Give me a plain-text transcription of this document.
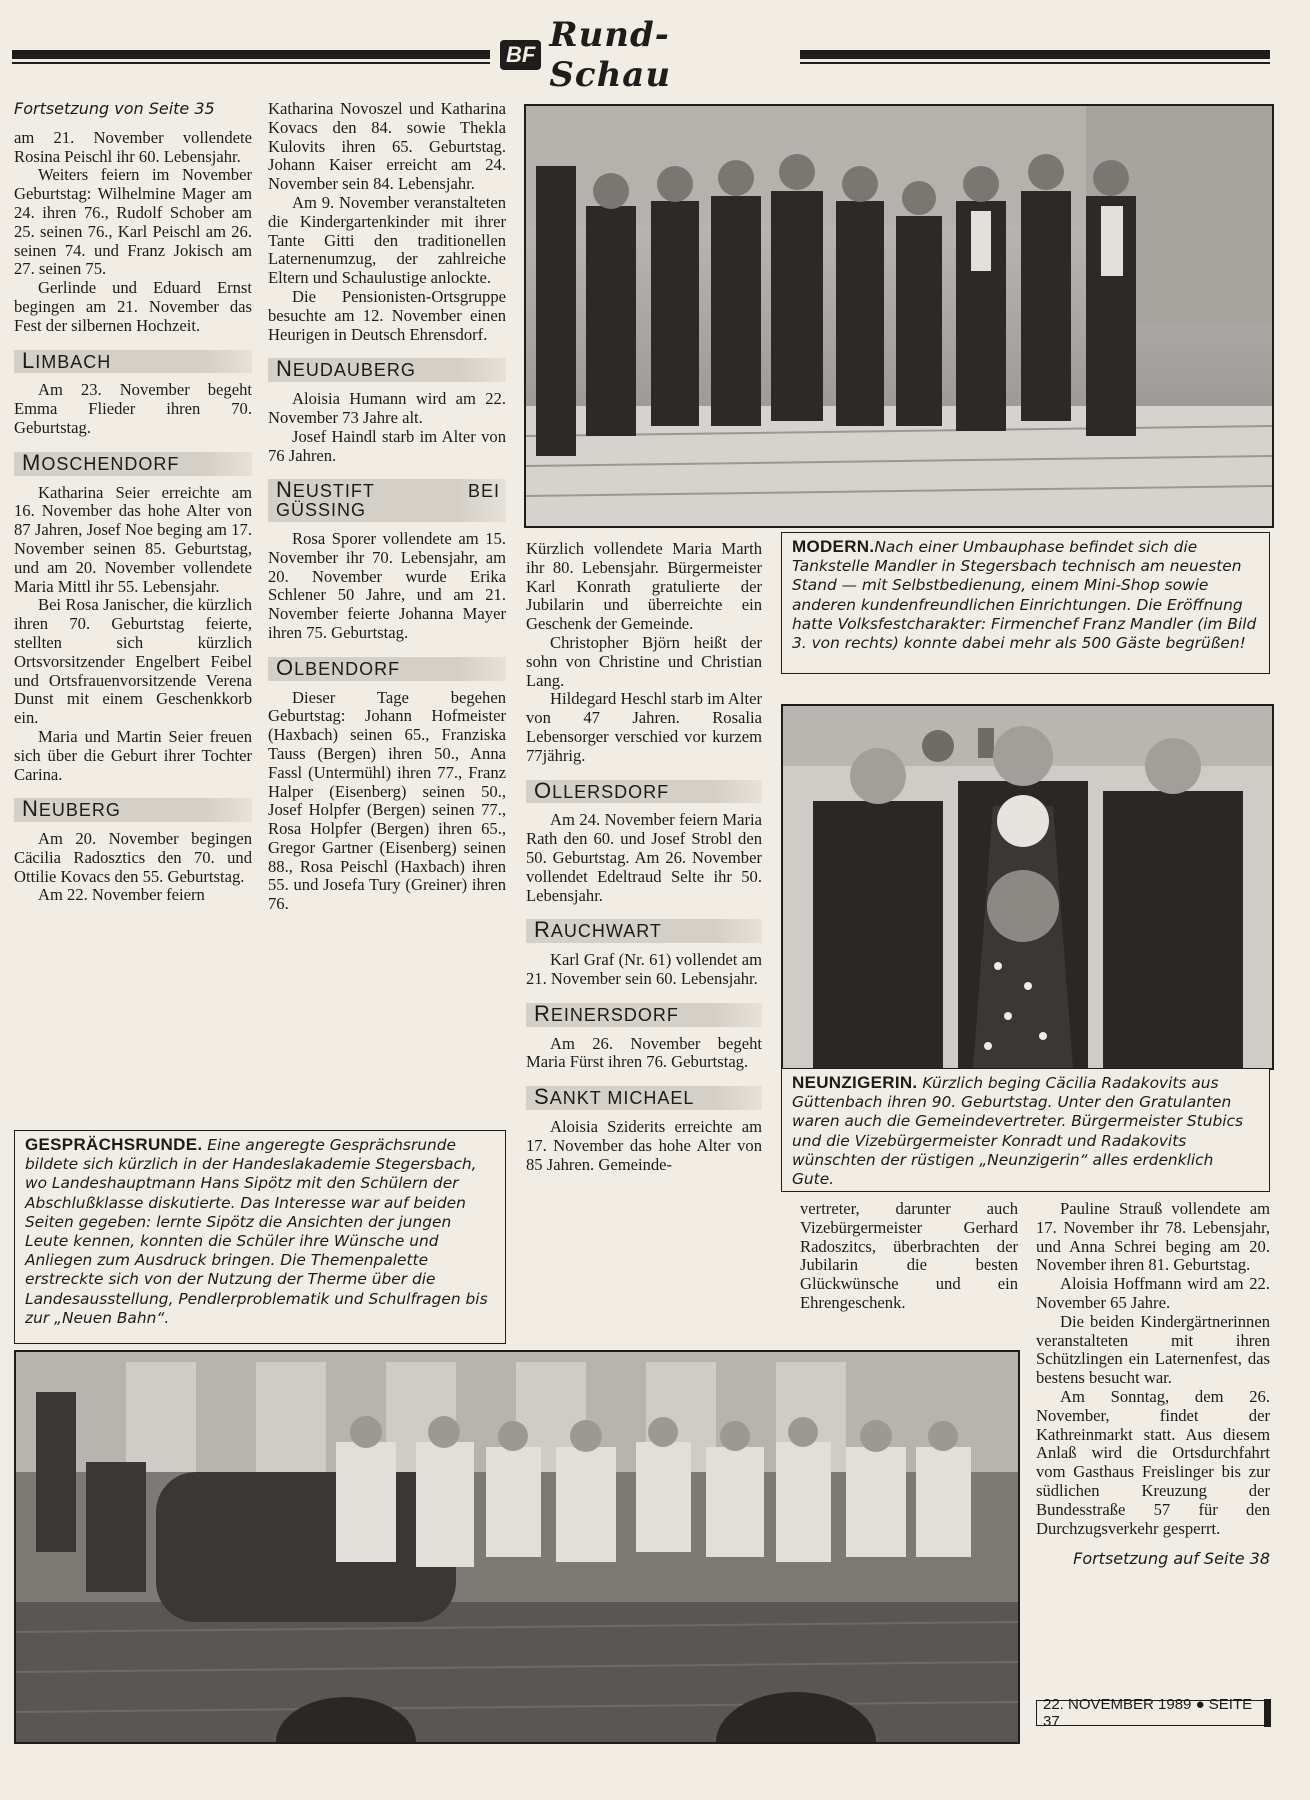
BF Rund-Schau

Fortsetzung von Seite 35

am 21. November vollendete Rosina Peischl ihr 60. Lebensjahr.

Weiters feiern im November Geburtstag: Wilhelmine Mager am 24. ihren 76., Rudolf Schober am 25. seinen 76., Karl Peischl am 26. seinen 74. und Franz Jokisch am 27. seinen 75.

Gerlinde und Eduard Ernst begingen am 21. November das Fest der silbernen Hochzeit.

LIMBACH

Am 23. November begeht Emma Flieder ihren 70. Geburtstag.

MOSCHENDORF

Katharina Seier erreichte am 16. November das hohe Alter von 87 Jahren, Josef Noe beging am 17. November seinen 85. Geburtstag, und am 20. November vollendete Maria Mittl ihr 55. Lebensjahr.

Bei Rosa Janischer, die kürzlich ihren 70. Geburtstag feierte, stellten sich kürzlich Ortsvorsitzender Engelbert Feibel und Ortsfrauenvorsitzende Verena Dunst mit einem Geschenkkorb ein.

Maria und Martin Seier freuen sich über die Geburt ihrer Tochter Carina.

NEUBERG

Am 20. November begingen Cäcilia Radosztics den 70. und Ottilie Kovacs den 55. Geburtstag.

Am 22. November feiern

Katharina Novoszel und Katharina Kovacs den 84. sowie Thekla Kulovits ihren 65. Geburtstag. Johann Kaiser erreicht am 24. November sein 84. Lebensjahr.

Am 9. November veranstalteten die Kindergartenkinder mit ihrer Tante Gitti den traditionellen Laternenumzug, der zahlreiche Eltern und Schaulustige anlockte.

Die Pensionisten-Ortsgruppe besuchte am 12. November einen Heurigen in Deutsch Ehrensdorf.

NEUDAUBERG

Aloisia Humann wird am 22. November 73 Jahre alt.

Josef Haindl starb im Alter von 76 Jahren.

NEUSTIFT BEI GÜSSING

Rosa Sporer vollendete am 15. November ihr 70. Lebensjahr, am 20. November wurde Erika Schlener 50 Jahre, und am 21. November feierte Johanna Mayer ihren 75. Geburtstag.

OLBENDORF

Dieser Tage begehen Geburtstag: Johann Hofmeister (Haxbach) seinen 65., Franziska Tauss (Bergen) ihren 50., Anna Fassl (Untermühl) ihren 77., Franz Halper (Eisenberg) seinen 50., Josef Holpfer (Bergen) seinen 77., Rosa Holpfer (Bergen) ihren 65., Gregor Gartner (Eisenberg) seinen 88., Rosa Peischl (Haxbach) ihren 55. und Josefa Tury (Greiner) ihren 76.

MODERN.Nach einer Umbauphase befindet sich die Tankstelle Mandler in Stegersbach technisch am neuesten Stand — mit Selbstbedienung, einem Mini-Shop sowie anderen kundenfreundlichen Einrichtungen. Die Eröffnung hatte Volksfestcharakter: Firmenchef Franz Mandler (im Bild 3. von rechts) konnte dabei mehr als 500 Gäste begrüßen!

Kürzlich vollendete Maria Marth ihr 80. Lebensjahr. Bürgermeister Karl Konrath gratulierte der Jubilarin und überreichte ein Geschenk der Gemeinde.

Christopher Björn heißt der sohn von Christine und Christian Lang.

Hildegard Heschl starb im Alter von 47 Jahren. Rosalia Lebensorger verschied vor kurzem 77jährig.

OLLERSDORF

Am 24. November feiern Maria Rath den 60. und Josef Strobl den 50. Geburtstag. Am 26. November vollendet Edeltraud Selte ihr 50. Lebensjahr.

RAUCHWART

Karl Graf (Nr. 61) vollendet am 21. November sein 60. Lebensjahr.

REINERSDORF

Am 26. November begeht Maria Fürst ihren 76. Geburtstag.

SANKT MICHAEL

Aloisia Sziderits erreichte am 17. November das hohe Alter von 85 Jahren. Gemeinde-

NEUNZIGERIN. Kürzlich beging Cäcilia Radakovits aus Güttenbach ihren 90. Geburtstag. Unter den Gratulanten waren auch die Gemeindevertreter. Bürgermeister Stubics und die Vizebürgermeister Konradt und Radakovits wünschten der rüstigen „Neunzigerin“ alles erdenklich Gute.
GESPRÄCHSRUNDE. Eine angeregte Gesprächsrunde bildete sich kürzlich in der Handeslakademie Stegersbach, wo Landeshauptmann Hans Sipötz mit den Schülern der Abschlußklasse diskutierte. Das Interesse war auf beiden Seiten gegeben: lernte Sipötz die Ansichten der jungen Leute kennen, konnten die Schüler ihre Wünsche und Anliegen zum Ausdruck bringen. Die Themenpalette erstreckte sich von der Nutzung der Therme über die Landesausstellung, Pendlerproblematik und Schulfragen bis zur „Neuen Bahn“.

vertreter, darunter auch Vizebürgermeister Gerhard Radoszitcs, überbrachten der Jubilarin die besten Glückwünsche und ein Ehrengeschenk.

Pauline Strauß vollendete am 17. November ihr 78. Lebensjahr, und Anna Schrei beging am 20. November ihren 81. Geburtstag.

Aloisia Hoffmann wird am 22. November 65 Jahre.

Die beiden Kindergärtnerinnen veranstalteten mit ihren Schützlingen ein Laternenfest, das bestens besucht war.

Am Sonntag, dem 26. November, findet der Kathreinmarkt statt. Aus diesem Anlaß wird die Ortsdurchfahrt vom Gasthaus Freislinger bis zur südlichen Kreuzung der Bundesstraße 57 für den Durchzugsverkehr gesperrt.

Fortsetzung auf Seite 38

22. NOVEMBER 1989 ● SEITE 37
